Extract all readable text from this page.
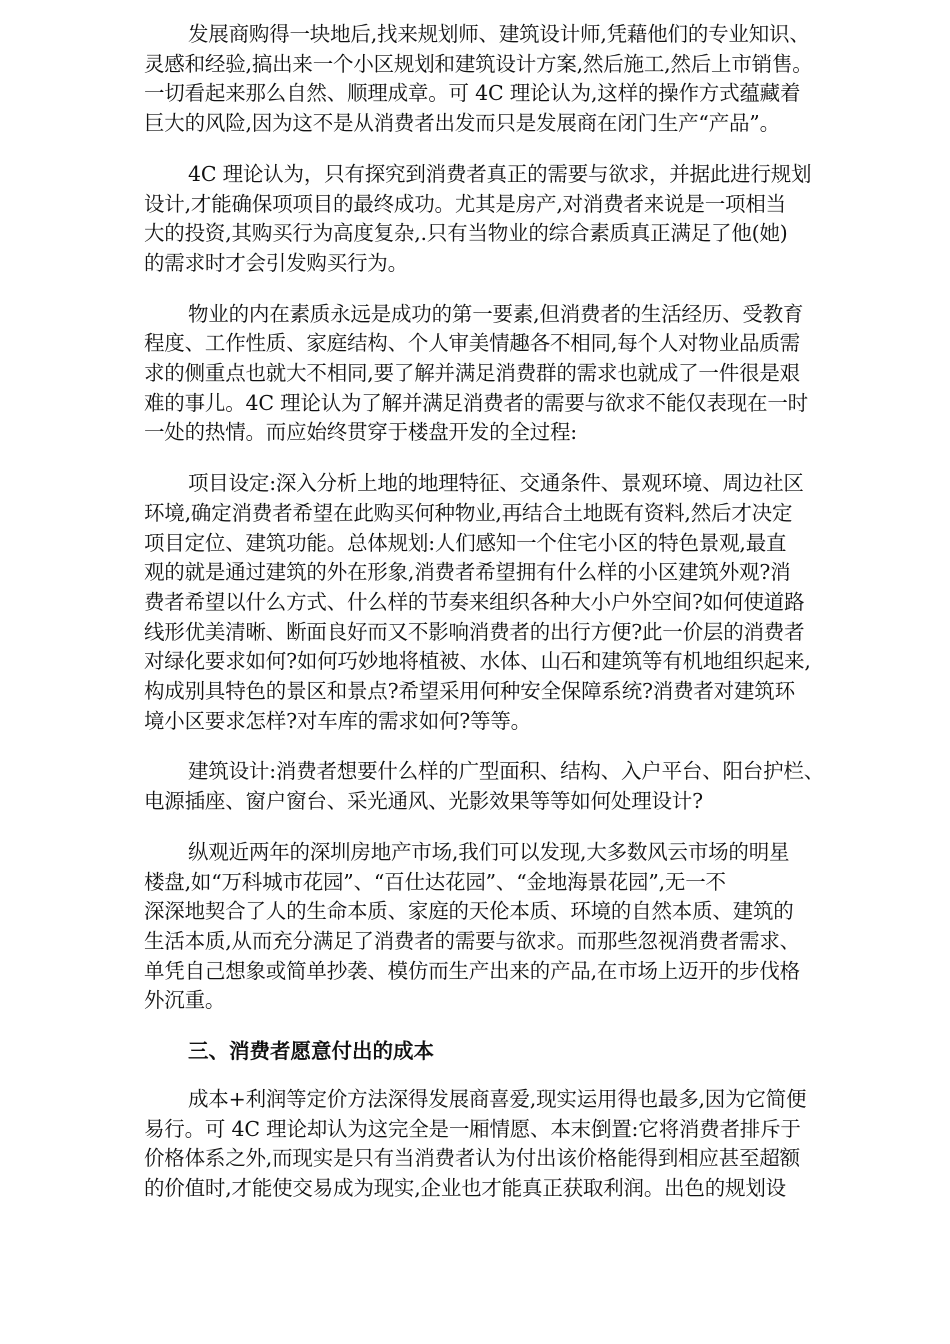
发展商购得一块地后,找来规划师、建筑设计师,凭藉他们的专业知识、
灵感和经验,搞出来一个小区规划和建筑设计方案,然后施工,然后上市销售。
一切看起来那么自然、顺理成章。可 4C 理论认为,这样的操作方式蕴藏着
巨大的风险,因为这不是从消费者出发而只是发展商在闭门生产“产品”。

4C 理论认为，只有探究到消费者真正的需要与欲求，并据此进行规划
设计,才能确保项项目的最终成功。尤其是房产,对消费者来说是一项相当
大的投资,其购买行为高度复杂,.只有当物业的综合素质真正满足了他(她)
的需求时才会引发购买行为。

物业的内在素质永远是成功的第一要素,但消费者的生活经历、受教育
程度、工作性质、家庭结构、个人审美情趣各不相同,每个人对物业品质需
求的侧重点也就大不相同,要了解并满足消费群的需求也就成了一件很是艰
难的事儿。4C 理论认为了解并满足消费者的需要与欲求不能仅表现在一时
一处的热情。而应始终贯穿于楼盘开发的全过程:

项目设定:深入分析上地的地理特征、交通条件、景观环境、周边社区
环境,确定消费者希望在此购买何种物业,再结合土地既有资料,然后才决定
项目定位、建筑功能。总体规划:人们感知一个住宅小区的特色景观,最直
观的就是通过建筑的外在形象,消费者希望拥有什么样的小区建筑外观?消
费者希望以什么方式、什么样的节奏来组织各种大小户外空间?如何使道路
线形优美清晰、断面良好而又不影响消费者的出行方便?此一价层的消费者
对绿化要求如何?如何巧妙地将植被、水体、山石和建筑等有机地组织起来,
构成别具特色的景区和景点?希望采用何种安全保障系统?消费者对建筑环
境小区要求怎样?对车库的需求如何?等等。

建筑设计:消费者想要什么样的广型面积、结构、入户平台、阳台护栏、
电源插座、窗户窗台、采光通风、光影效果等等如何处理设计?

纵观近两年的深圳房地产市场,我们可以发现,大多数风云市场的明星
楼盘,如“万科城市花园”、“百仕达花园”、“金地海景花园”,无一不
深深地契合了人的生命本质、家庭的天伦本质、环境的自然本质、建筑的
生活本质,从而充分满足了消费者的需要与欲求。而那些忽视消费者需求、
单凭自己想象或简单抄袭、模仿而生产出来的产品,在市场上迈开的步伐格
外沉重。

三、消费者愿意付出的成本

成本+利润等定价方法深得发展商喜爱,现实运用得也最多,因为它简便
易行。可 4C 理论却认为这完全是一厢情愿、本末倒置:它将消费者排斥于
价格体系之外,而现实是只有当消费者认为付出该价格能得到相应甚至超额
的价值时,才能使交易成为现实,企业也才能真正获取利润。出色的规划设
